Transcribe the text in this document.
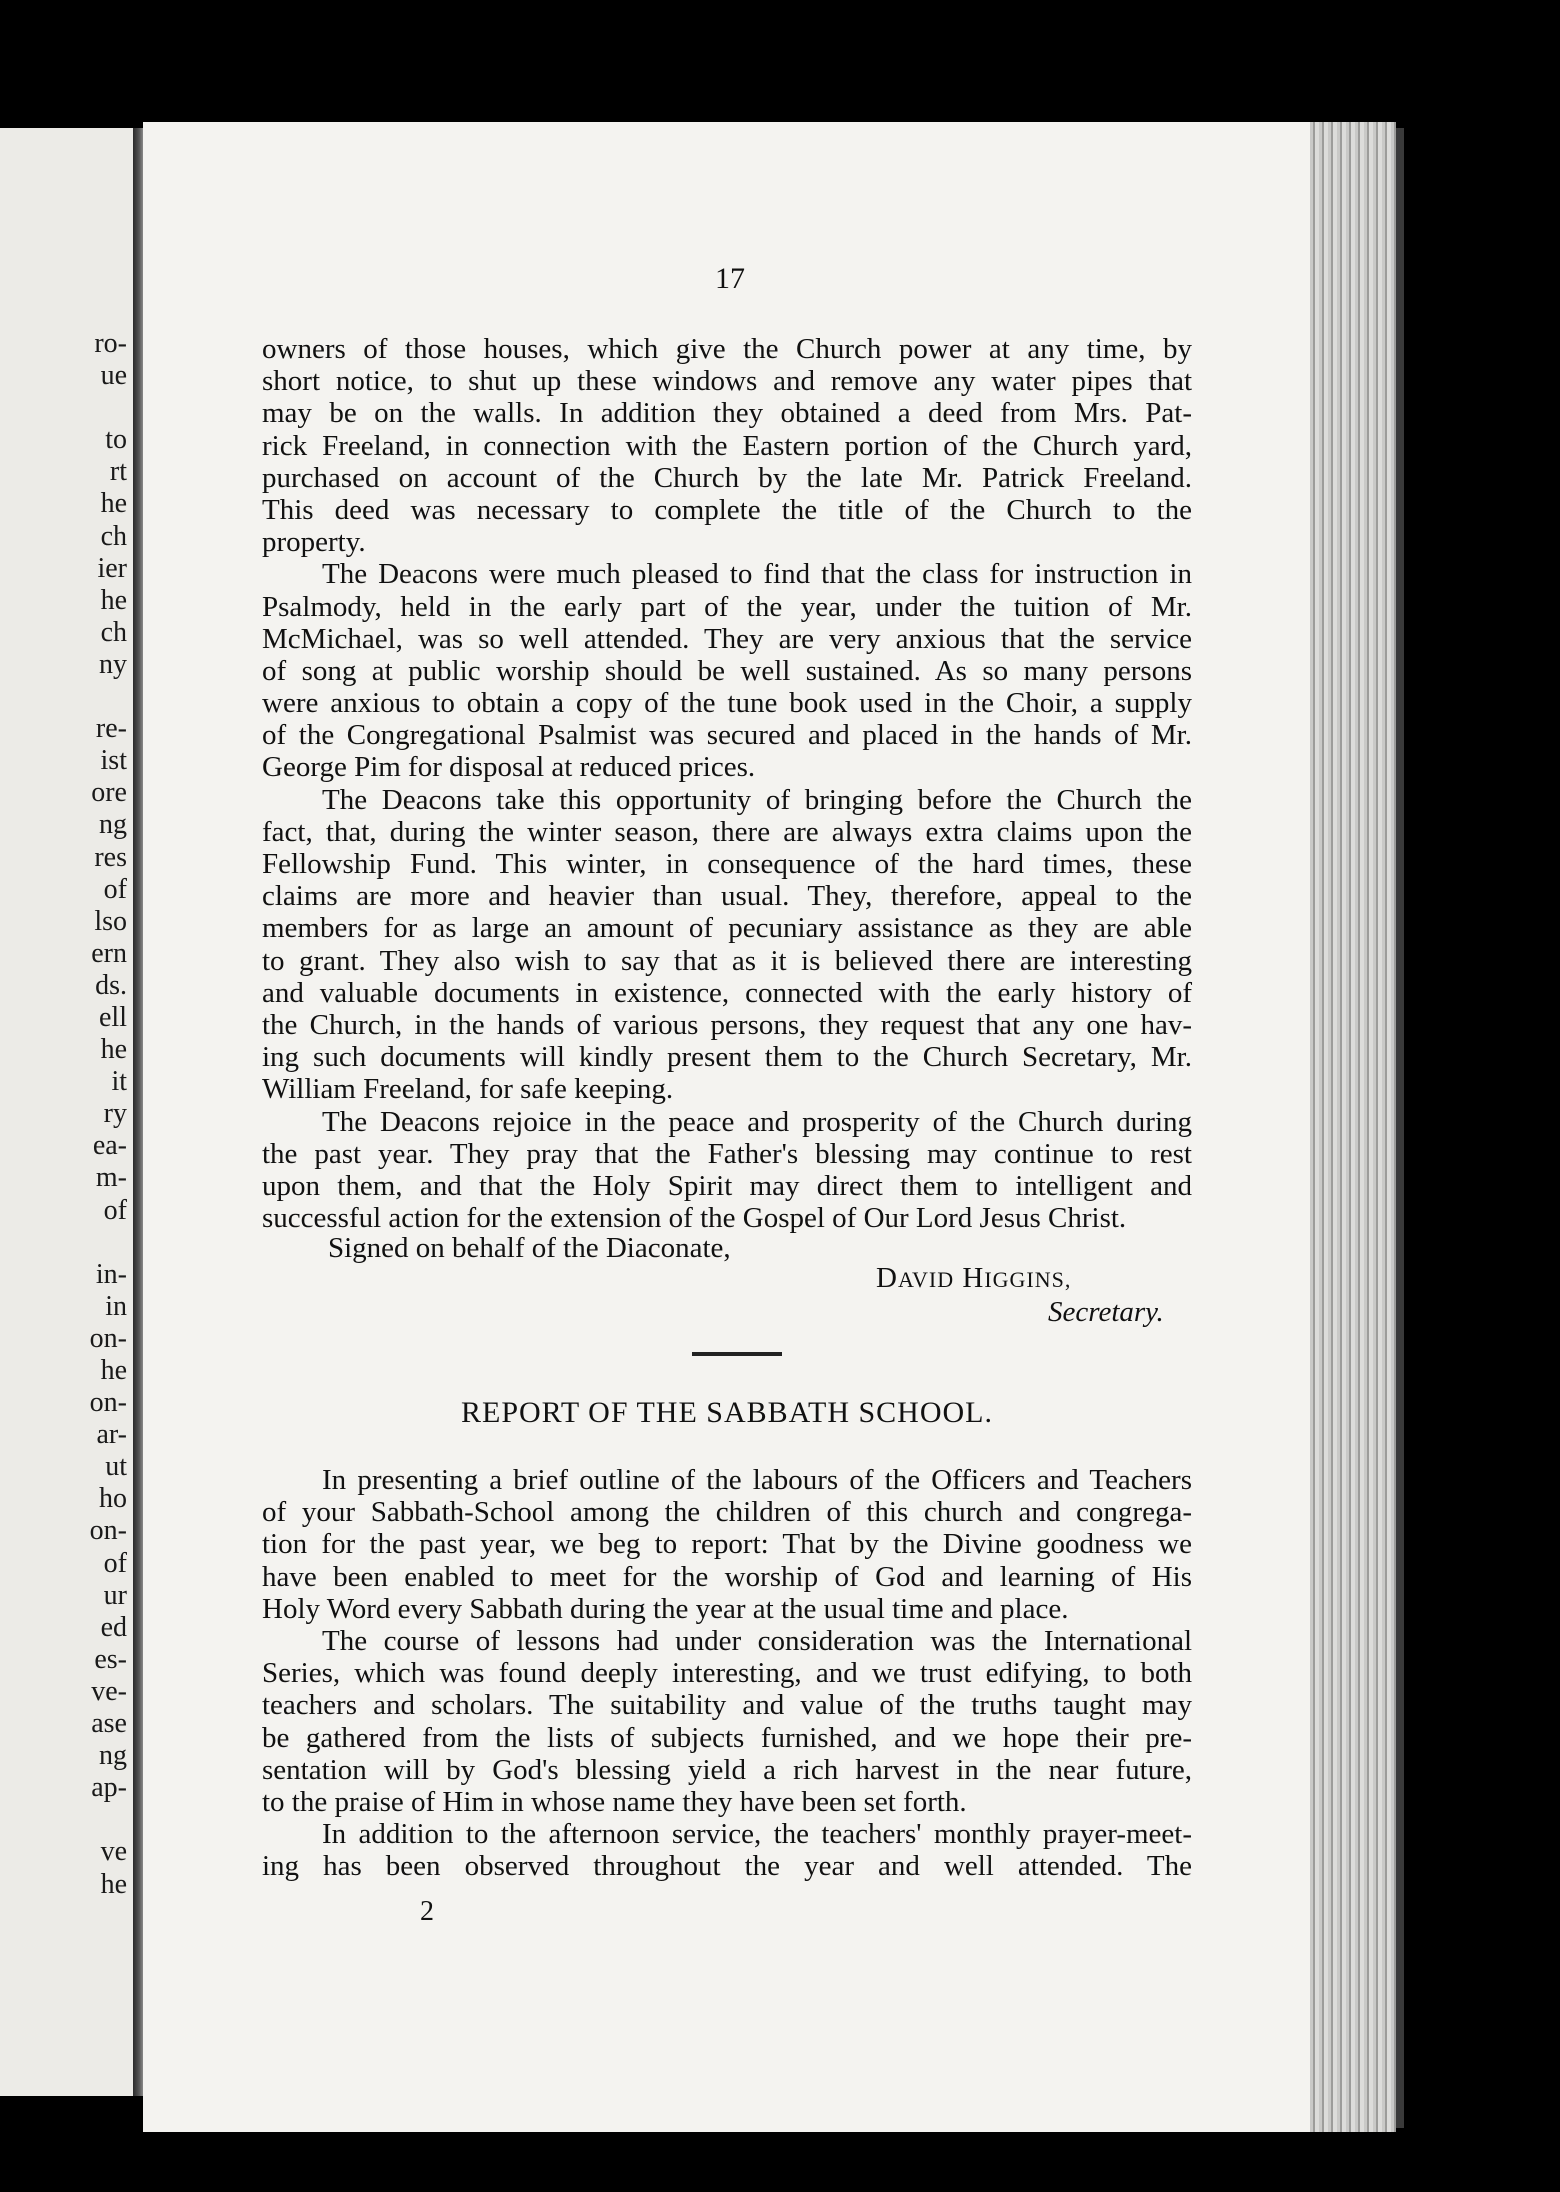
ro-
ue

to
rt
he
ch
ier
he
ch
ny

re-
ist
ore
ng
res
of
lso
ern
ds.
ell
he
it
ry
ea-
m-
of

in-
in
on-
he
on-
ar-
ut
ho
on-
of
ur
ed
es-
ve-
ase
ng
ap-

ve
he
17
owners of those houses, which give the Church power at any time, by
short notice, to shut up these windows and remove any water pipes that
may be on the walls. In addition they obtained a deed from Mrs. Pat-
rick Freeland, in connection with the Eastern portion of the Church yard,
purchased on account of the Church by the late Mr. Patrick Freeland.
This deed was necessary to complete the title of the Church to the
property.
The Deacons were much pleased to find that the class for instruction in
Psalmody, held in the early part of the year, under the tuition of Mr.
McMichael, was so well attended. They are very anxious that the service
of song at public worship should be well sustained. As so many persons
were anxious to obtain a copy of the tune book used in the Choir, a supply
of the Congregational Psalmist was secured and placed in the hands of Mr.
George Pim for disposal at reduced prices.
The Deacons take this opportunity of bringing before the Church the
fact, that, during the winter season, there are always extra claims upon the
Fellowship Fund. This winter, in consequence of the hard times, these
claims are more and heavier than usual. They, therefore, appeal to the
members for as large an amount of pecuniary assistance as they are able
to grant. They also wish to say that as it is believed there are interesting
and valuable documents in existence, connected with the early history of
the Church, in the hands of various persons, they request that any one hav-
ing such documents will kindly present them to the Church Secretary, Mr.
William Freeland, for safe keeping.
The Deacons rejoice in the peace and prosperity of the Church during
the past year. They pray that the Father's blessing may continue to rest
upon them, and that the Holy Spirit may direct them to intelligent and
successful action for the extension of the Gospel of Our Lord Jesus Christ.
Signed on behalf of the Diaconate,
DAVID HIGGINS,
Secretary.
REPORT OF THE SABBATH SCHOOL.
In presenting a brief outline of the labours of the Officers and Teachers
of your Sabbath-School among the children of this church and congrega-
tion for the past year, we beg to report: That by the Divine goodness we
have been enabled to meet for the worship of God and learning of His
Holy Word every Sabbath during the year at the usual time and place.
The course of lessons had under consideration was the International
Series, which was found deeply interesting, and we trust edifying, to both
teachers and scholars. The suitability and value of the truths taught may
be gathered from the lists of subjects furnished, and we hope their pre-
sentation will by God's blessing yield a rich harvest in the near future,
to the praise of Him in whose name they have been set forth.
In addition to the afternoon service, the teachers' monthly prayer-meet-
ing has been observed throughout the year and well attended. The
2
